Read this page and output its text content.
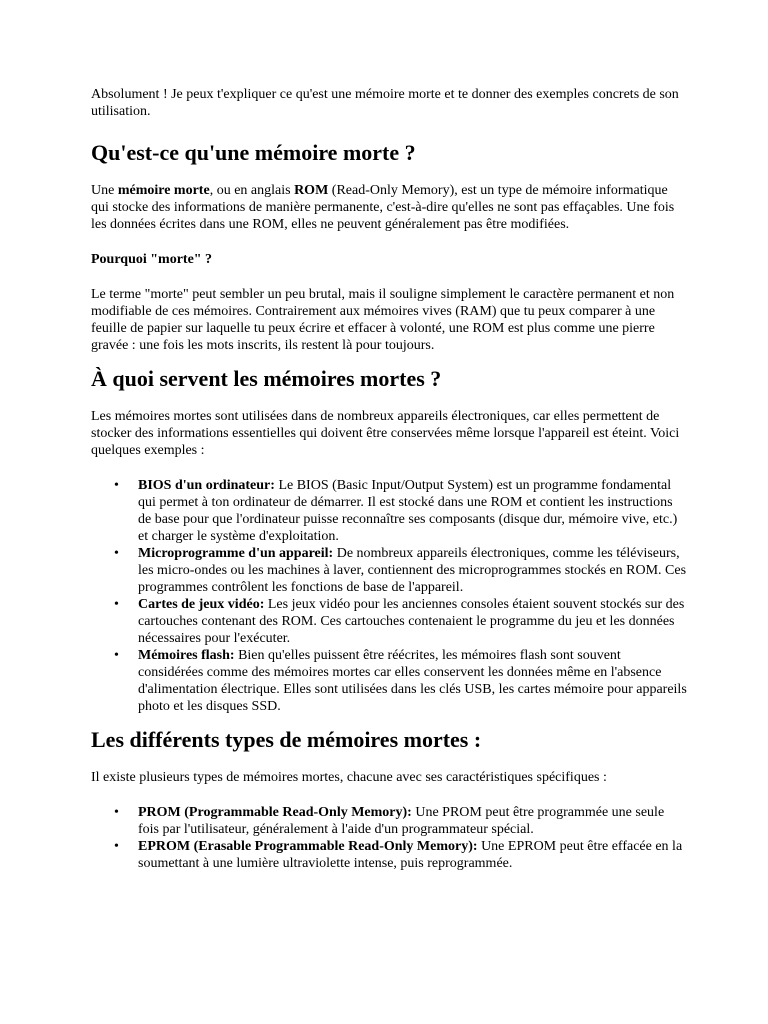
Absolument ! Je peux t'expliquer ce qu'est une mémoire morte et te donner des exemples concrets de son utilisation.

Qu'est-ce qu'une mémoire morte ?

Une mémoire morte, ou en anglais ROM (Read-Only Memory), est un type de mémoire informatique qui stocke des informations de manière permanente, c'est-à-dire qu'elles ne sont pas effaçables. Une fois les données écrites dans une ROM, elles ne peuvent généralement pas être modifiées.

Pourquoi "morte" ?

Le terme "morte" peut sembler un peu brutal, mais il souligne simplement le caractère permanent et non modifiable de ces mémoires. Contrairement aux mémoires vives (RAM) que tu peux comparer à une feuille de papier sur laquelle tu peux écrire et effacer à volonté, une ROM est plus comme une pierre gravée : une fois les mots inscrits, ils restent là pour toujours.

À quoi servent les mémoires mortes ?

Les mémoires mortes sont utilisées dans de nombreux appareils électroniques, car elles permettent de stocker des informations essentielles qui doivent être conservées même lorsque l'appareil est éteint. Voici quelques exemples :

• BIOS d'un ordinateur: Le BIOS (Basic Input/Output System) est un programme fondamental qui permet à ton ordinateur de démarrer. Il est stocké dans une ROM et contient les instructions de base pour que l'ordinateur puisse reconnaître ses composants (disque dur, mémoire vive, etc.) et charger le système d'exploitation.
• Microprogramme d'un appareil: De nombreux appareils électroniques, comme les téléviseurs, les micro-ondes ou les machines à laver, contiennent des microprogrammes stockés en ROM. Ces programmes contrôlent les fonctions de base de l'appareil.
• Cartes de jeux vidéo: Les jeux vidéo pour les anciennes consoles étaient souvent stockés sur des cartouches contenant des ROM. Ces cartouches contenaient le programme du jeu et les données nécessaires pour l'exécuter.
• Mémoires flash: Bien qu'elles puissent être réécrites, les mémoires flash sont souvent considérées comme des mémoires mortes car elles conservent les données même en l'absence d'alimentation électrique. Elles sont utilisées dans les clés USB, les cartes mémoire pour appareils photo et les disques SSD.
Les différents types de mémoires mortes :

Il existe plusieurs types de mémoires mortes, chacune avec ses caractéristiques spécifiques :

• PROM (Programmable Read-Only Memory): Une PROM peut être programmée une seule fois par l'utilisateur, généralement à l'aide d'un programmateur spécial.
• EPROM (Erasable Programmable Read-Only Memory): Une EPROM peut être effacée en la soumettant à une lumière ultraviolette intense, puis reprogrammée.
